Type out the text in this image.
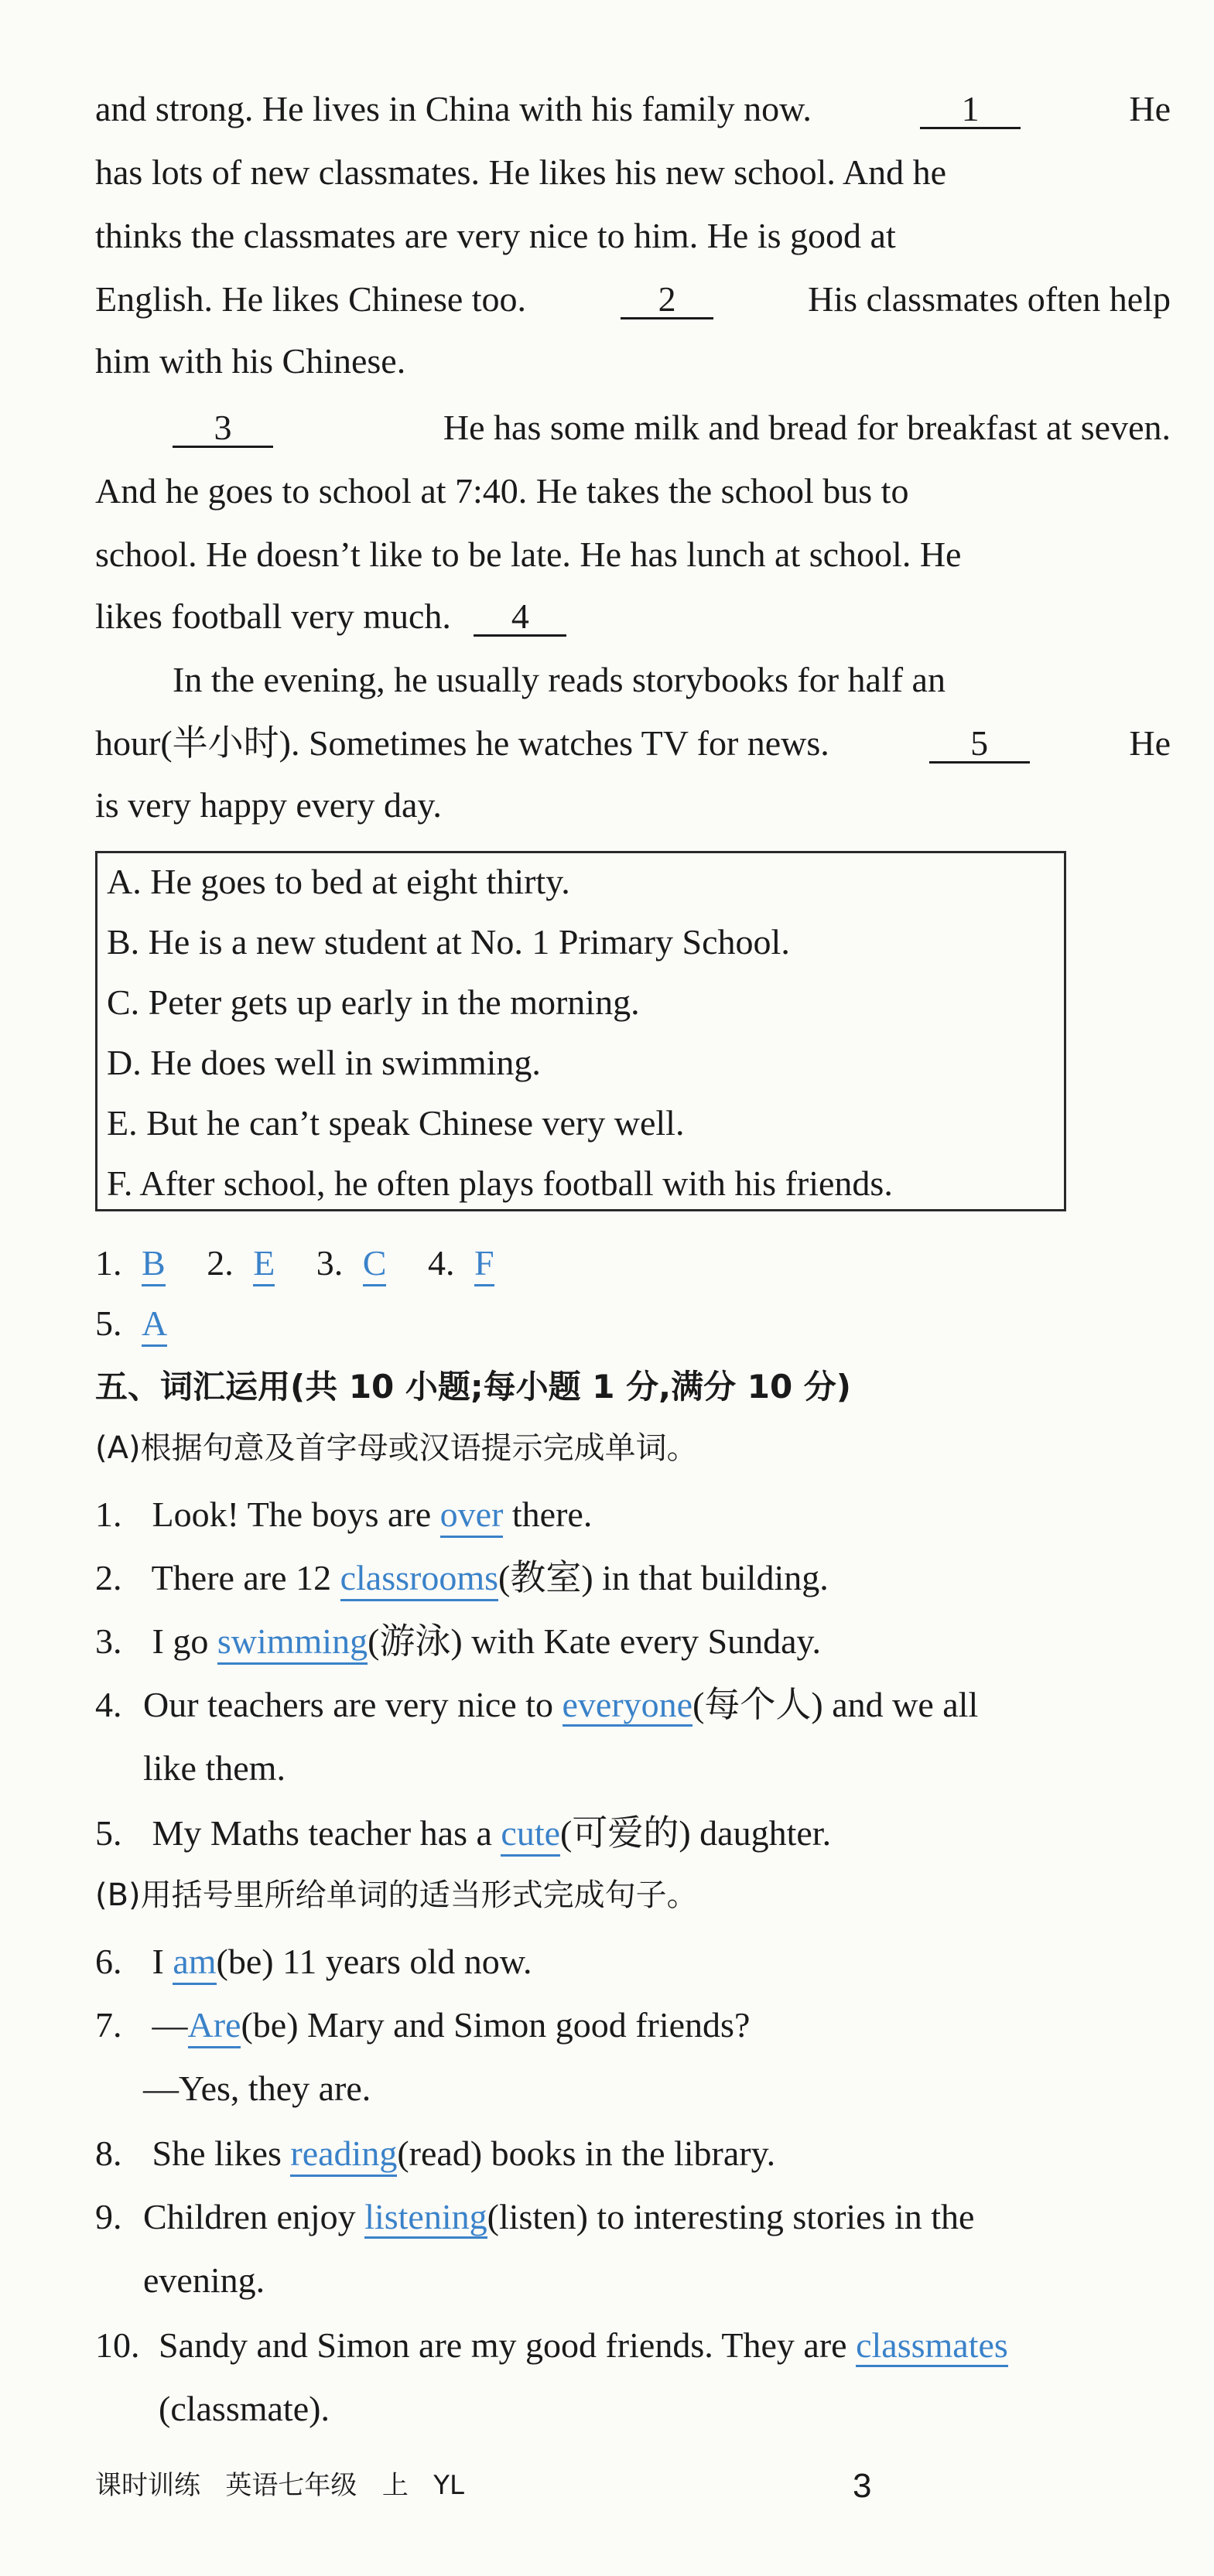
and strong. He lives in China with his family now.	1	He
has lots of new classmates. He likes his new school. And he
thinks the classmates are very nice to him. He is good at
English. He likes Chinese too.	2	His classmates often help
him with his Chinese.
3	He has some milk and bread for breakfast at seven.
And he goes to school at 7:40. He takes the school bus to
school. He doesn’t like to be late. He has lunch at school. He
likes football very much. 4
In the evening, he usually reads storybooks for half an
hour(半小时). Sometimes he watches TV for news.	5	He
is very happy every day.
A. He goes to bed at eight thirty.
B. He is a new student at No. 1 Primary School.
C. Peter gets up early in the morning.
D. He does well in swimming.
E. But he can’t speak Chinese very well.
F. After school, he often plays football with his friends.
1. B 2. E 3. C 4. F
5. A
五、词汇运用(共 10 小题;每小题 1 分,满分 10 分)
(A)根据句意及首字母或汉语提示完成单词。
1. Look! The boys are over there.
2. There are 12 classrooms(教室) in that building.
3. I go swimming(游泳) with Kate every Sunday.
4. Our teachers are very nice to everyone (每个人) and we all
like them.
5. My Maths teacher has a cute(可爱的) daughter.
(B)用括号里所给单词的适当形式完成句子。
6. I am(be) 11 years old now.
7. —Are(be) Mary and Simon good friends?
—Yes, they are.
8. She likes reading(read) books in the library.
9. Children enjoy listening (listen) to interesting stories in the
evening.
10. Sandy and Simon are my good friends. They are classmates
(classmate).
课时训练   英语七年级   上   YL	3
